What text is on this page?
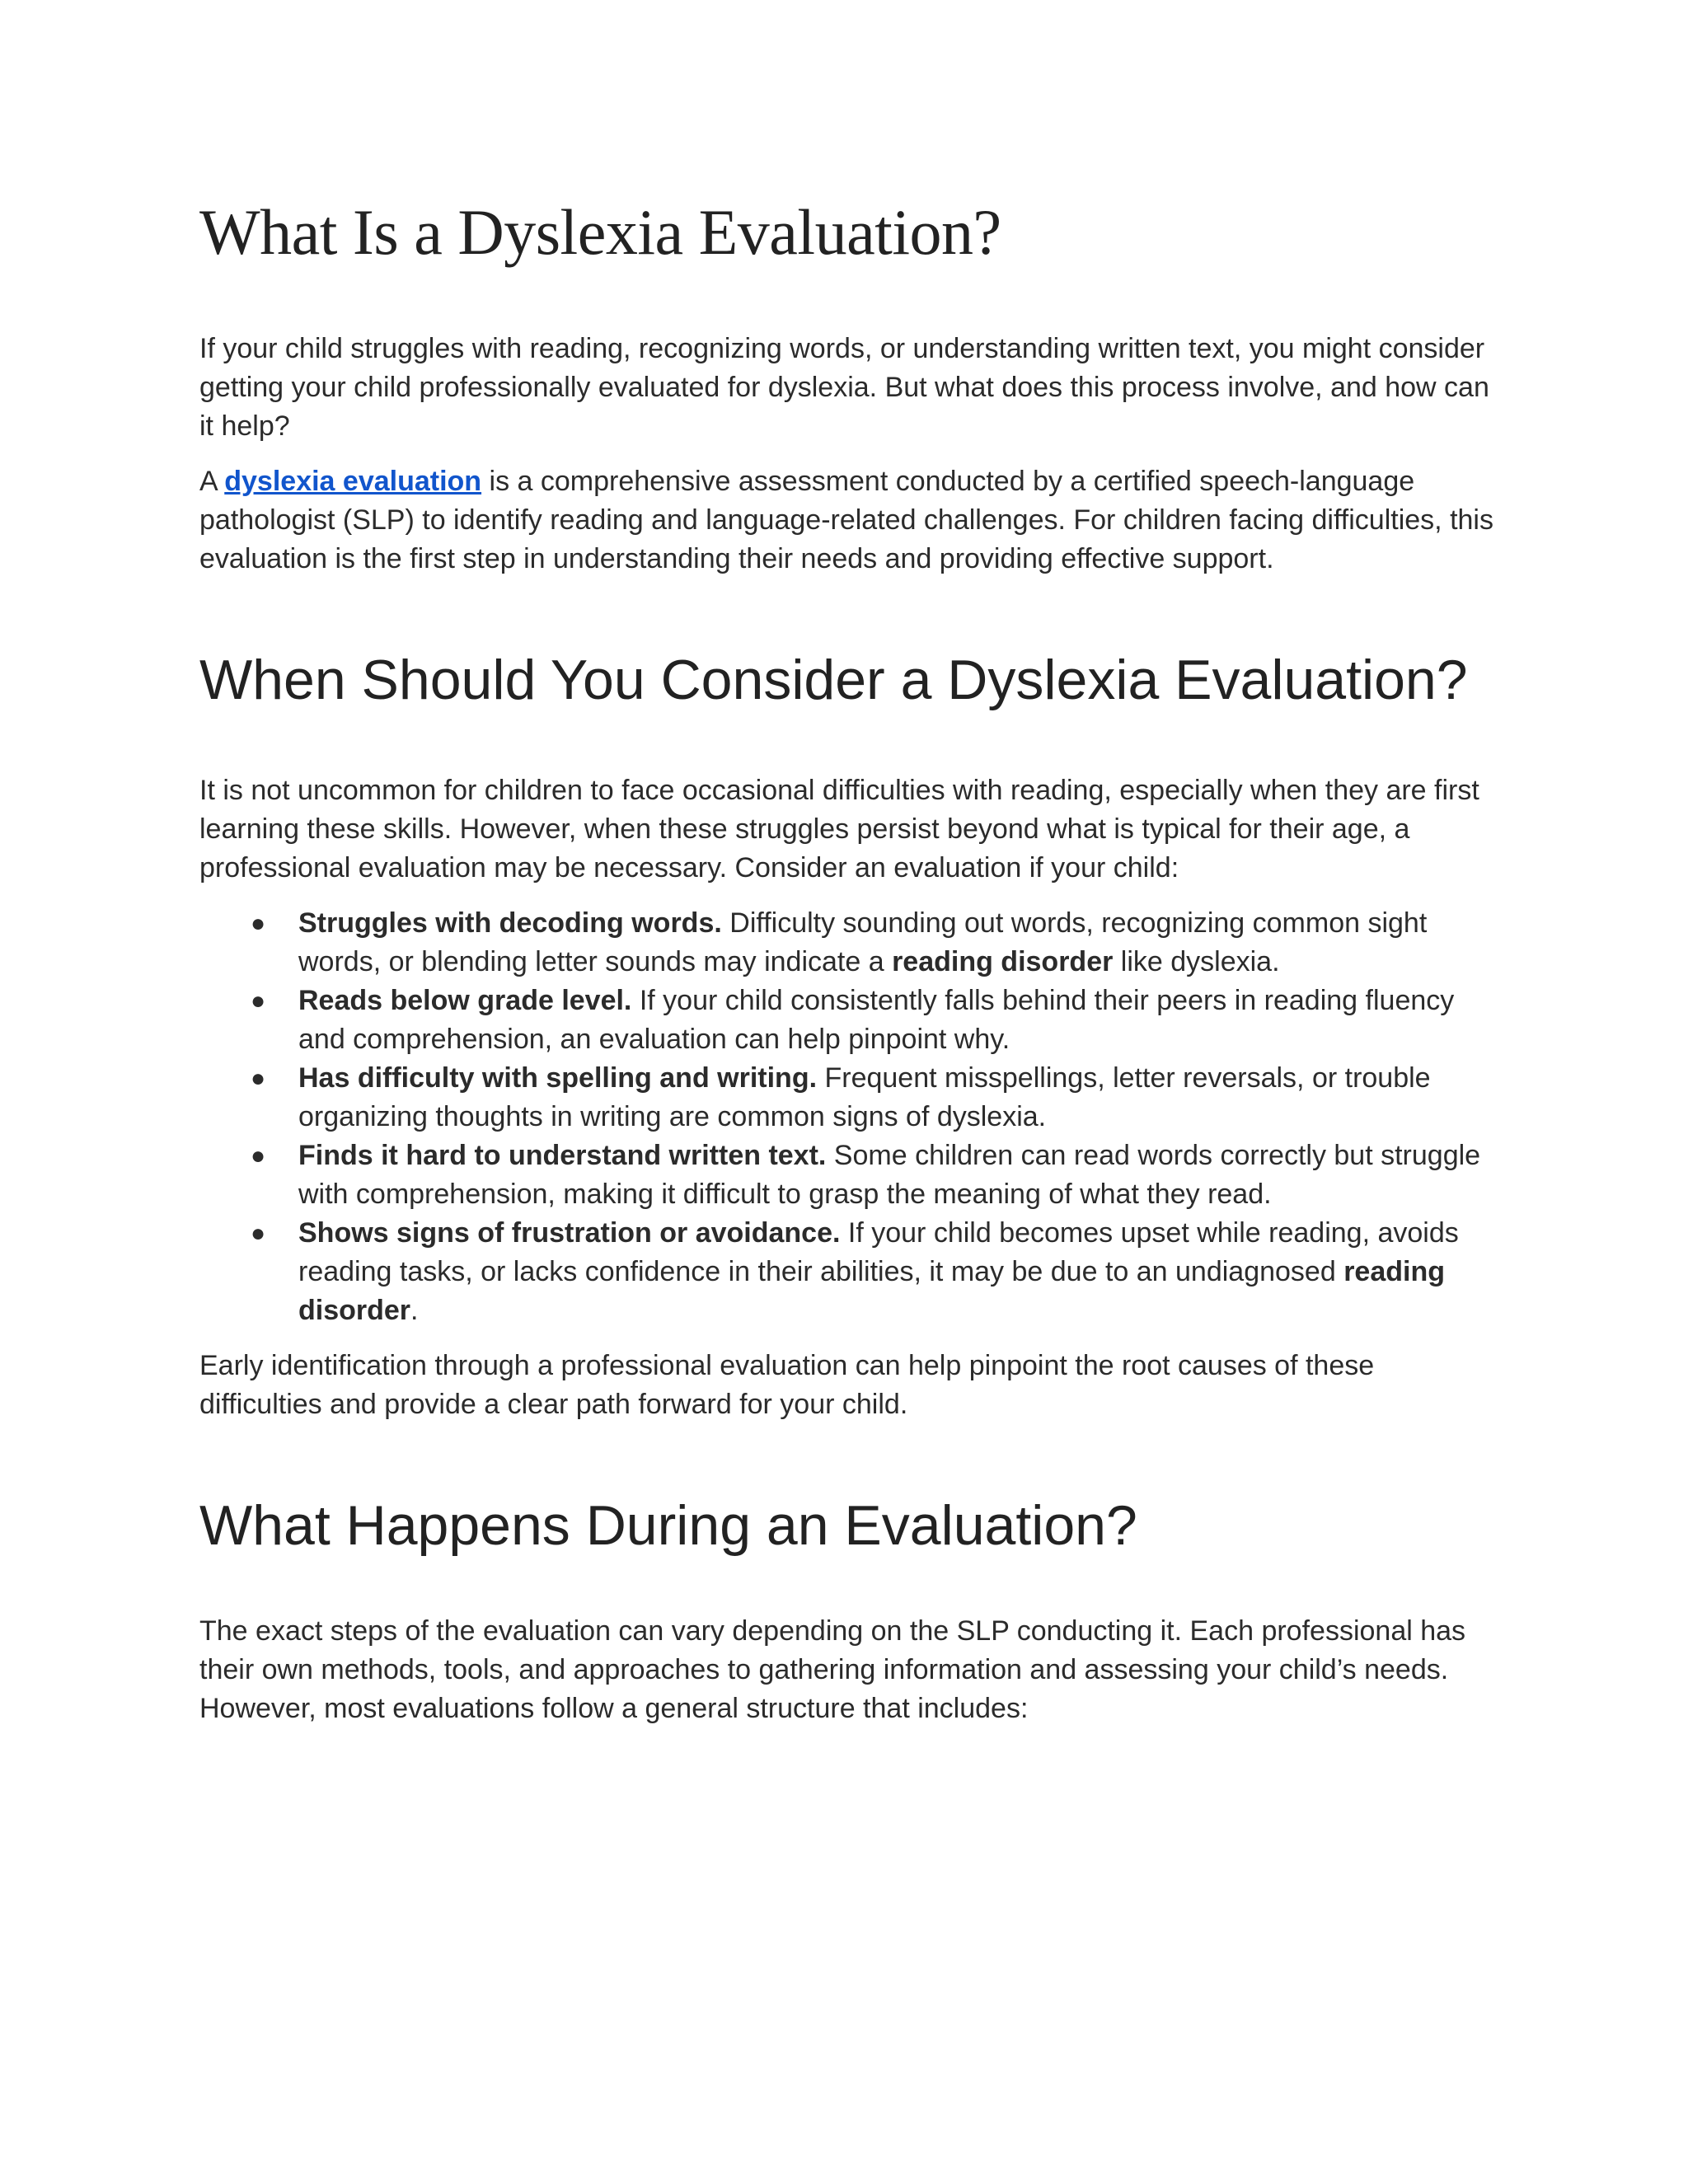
What Is a Dyslexia Evaluation?

If your child struggles with reading, recognizing words, or understanding written text, you might consider getting your child professionally evaluated for dyslexia. But what does this process involve, and how can it help?

A dyslexia evaluation is a comprehensive assessment conducted by a certified speech-language pathologist (SLP) to identify reading and language-related challenges. For children facing difficulties, this evaluation is the first step in understanding their needs and providing effective support.

When Should You Consider a Dyslexia Evaluation?

It is not uncommon for children to face occasional difficulties with reading, especially when they are first learning these skills. However, when these struggles persist beyond what is typical for their age, a professional evaluation may be necessary. Consider an evaluation if your child:

● Struggles with decoding words. Difficulty sounding out words, recognizing common sight words, or blending letter sounds may indicate a reading disorder like dyslexia.
● Reads below grade level. If your child consistently falls behind their peers in reading fluency and comprehension, an evaluation can help pinpoint why.
● Has difficulty with spelling and writing. Frequent misspellings, letter reversals, or trouble organizing thoughts in writing are common signs of dyslexia.
● Finds it hard to understand written text. Some children can read words correctly but struggle with comprehension, making it difficult to grasp the meaning of what they read.
● Shows signs of frustration or avoidance. If your child becomes upset while reading, avoids reading tasks, or lacks confidence in their abilities, it may be due to an undiagnosed reading disorder.

Early identification through a professional evaluation can help pinpoint the root causes of these difficulties and provide a clear path forward for your child.

What Happens During an Evaluation?

The exact steps of the evaluation can vary depending on the SLP conducting it. Each professional has their own methods, tools, and approaches to gathering information and assessing your child’s needs. However, most evaluations follow a general structure that includes:
